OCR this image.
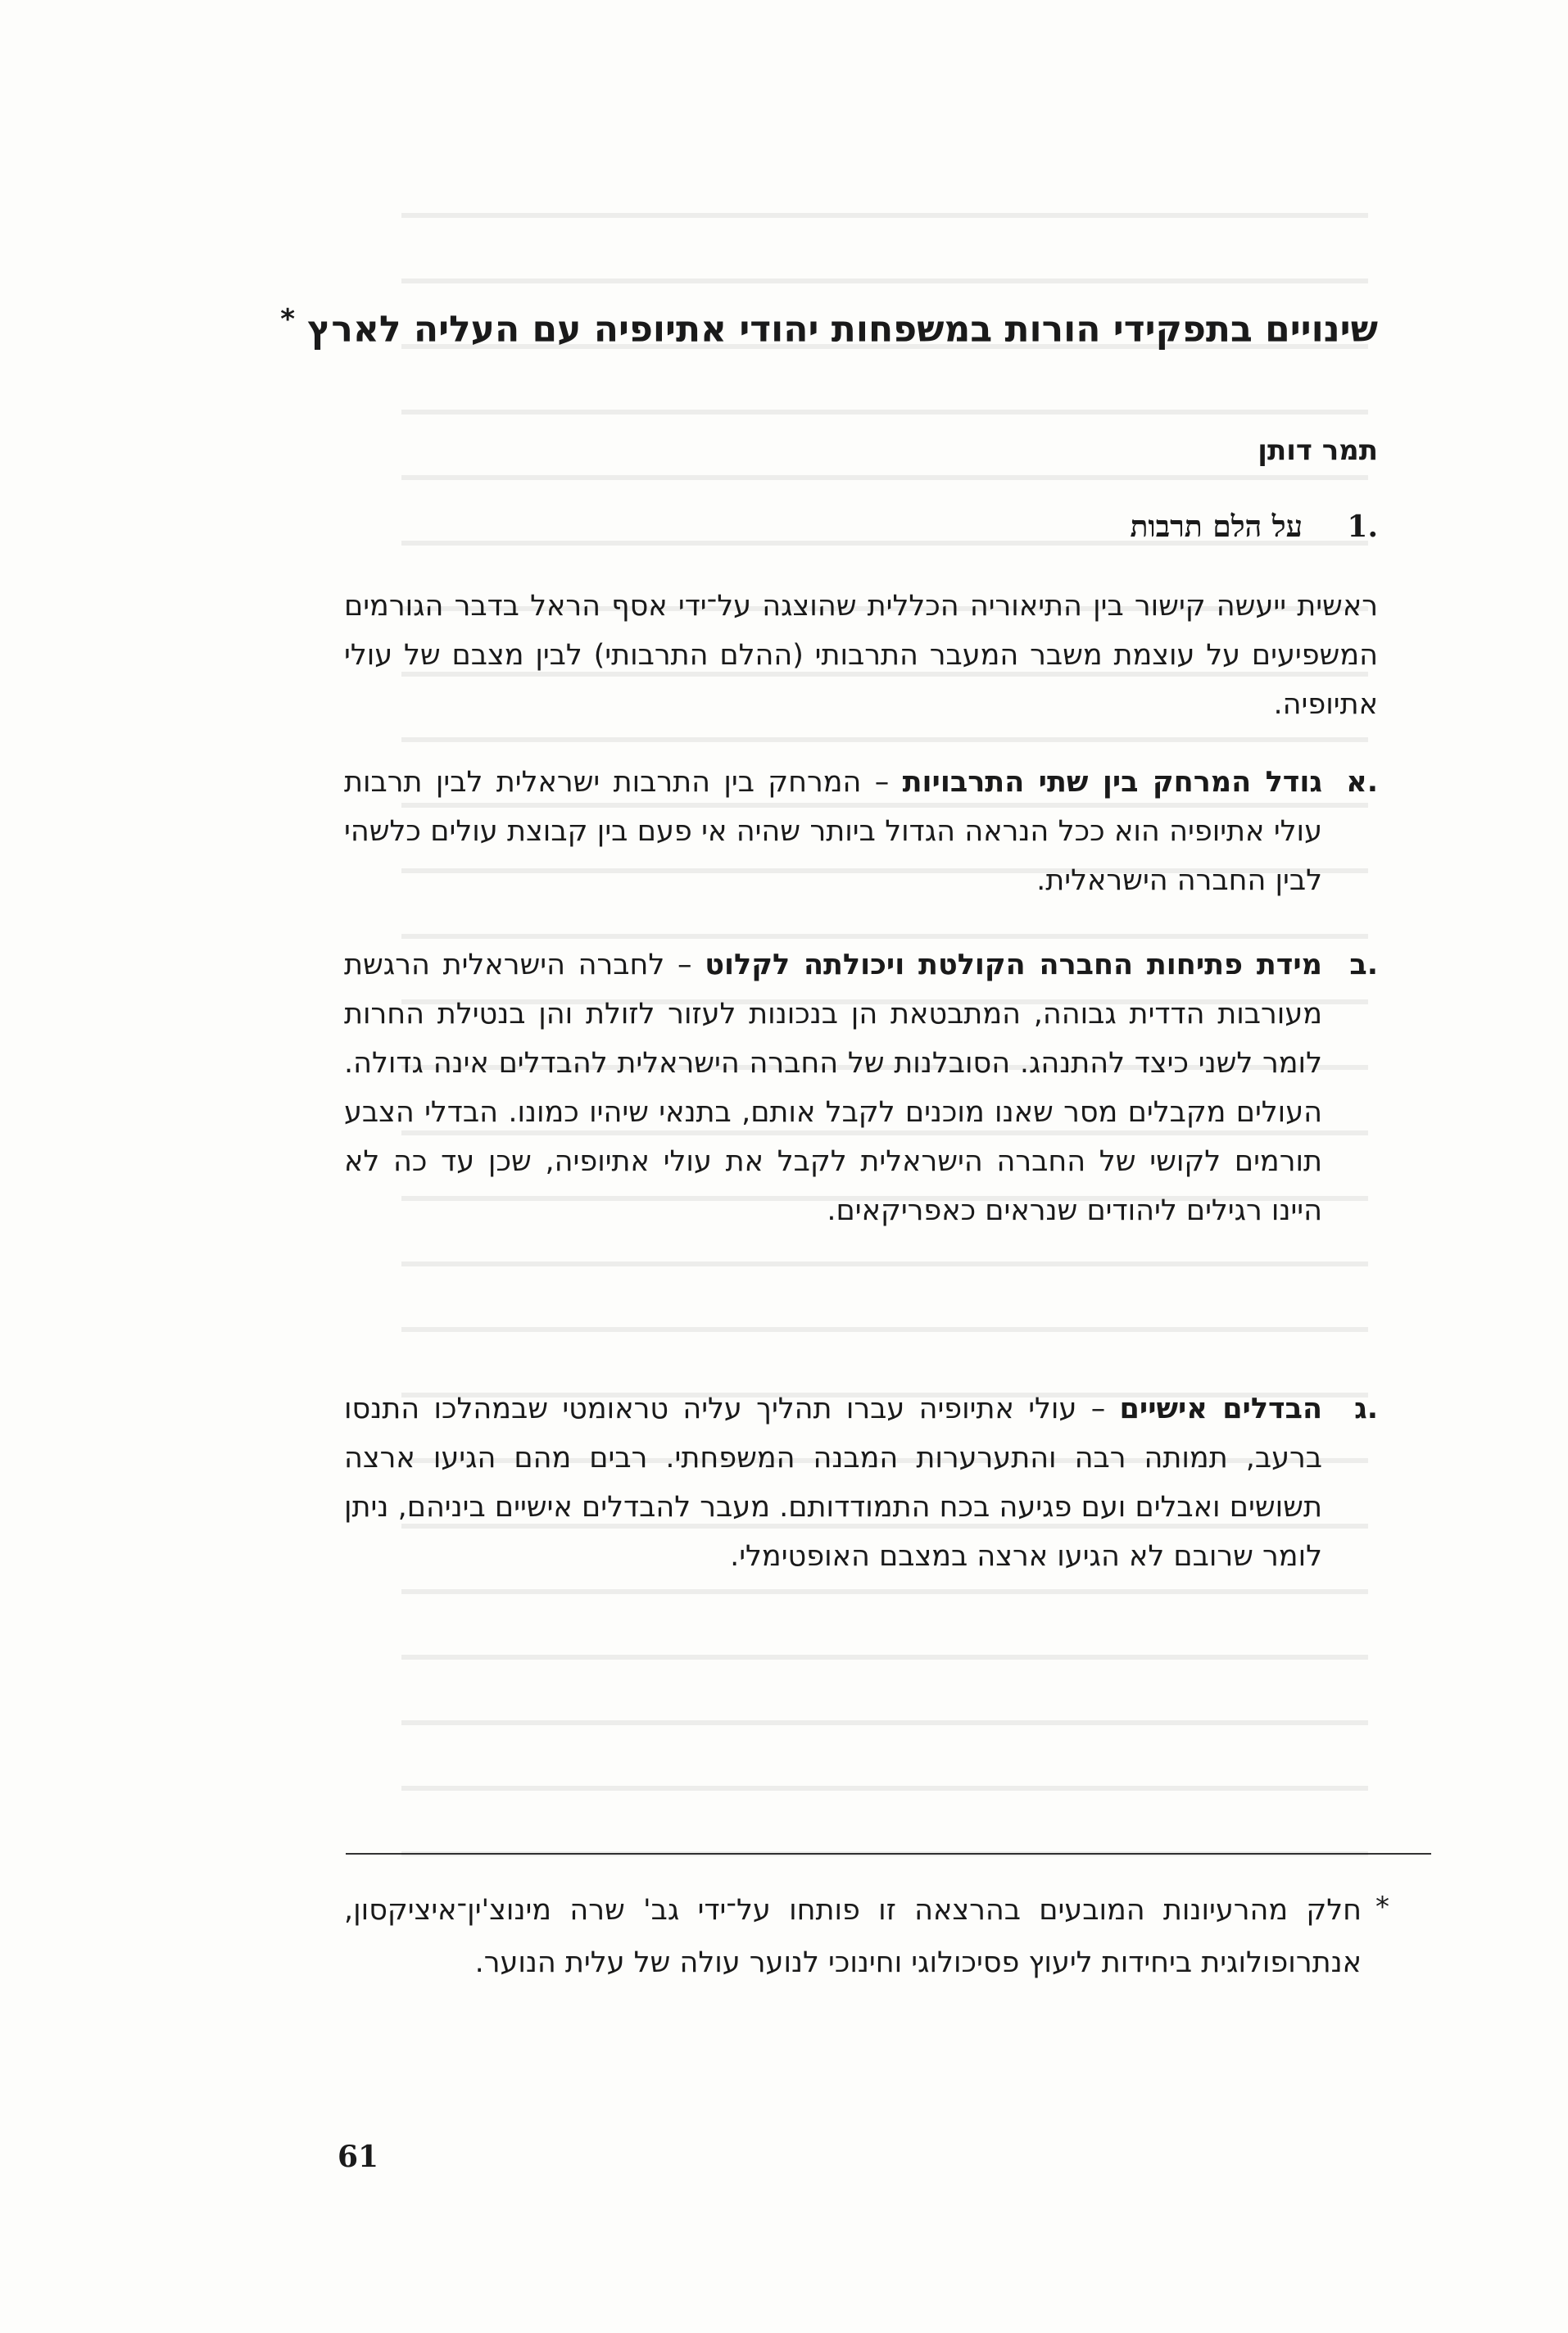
שינויים בתפקידי הורות במשפחות יהודי אתיופיה עם העליה לארץ *
תמר דותן
.1
על הלם תרבות

ראשית ייעשה קישור בין התיאוריה הכללית שהוצגה על־ידי אסף הראל בדבר הגורמים המשפיעים על עוצמת משבר המעבר התרבותי (ההלם התרבותי) לבין מצבם של עולי אתיופיה.

.א

גודל המרחק בין שתי התרבויות – המרחק בין התרבות ישראלית לבין תרבות עולי אתיופיה הוא ככל הנראה הגדול ביותר שהיה אי פעם בין קבוצת עולים כלשהי לבין החברה הישראלית.

.ב

מידת פתיחות החברה הקולטת ויכולתה לקלוט – לחברה הישראלית הרגשת מעורבות הדדית גבוהה, המתבטאת הן בנכונות לעזור לזולת והן בנטילת החרות לומר לשני כיצד להתנהג. הסובלנות של החברה הישראלית להבדלים אינה גדולה. העולים מקבלים מסר שאנו מוכנים לקבל אותם, בתנאי שיהיו כמונו. הבדלי הצבע תורמים לקושי של החברה הישראלית לקבל את עולי אתיופיה, שכן עד כה לא היינו רגילים ליהודים שנראים כאפריקאים.

.ג

הבדלים אישיים – עולי אתיופיה עברו תהליך עליה טראומטי שבמהלכו התנסו ברעב, תמותה רבה והתערערות המבנה המשפחתי. רבים מהם הגיעו ארצה תשושים ואבלים ועם פגיעה בכח התמודדותם. מעבר להבדלים אישיים ביניהם, ניתן לומר שרובם לא הגיעו ארצה במצבם האופטימלי.

*

חלק מהרעיונות המובעים בהרצאה זו פותחו על־ידי גב' שרה מינוצ'ין־איציקסון, אנתרופולוגית ביחידות ליעוץ פסיכולוגי וחינוכי לנוער עולה של עלית הנוער.

61
